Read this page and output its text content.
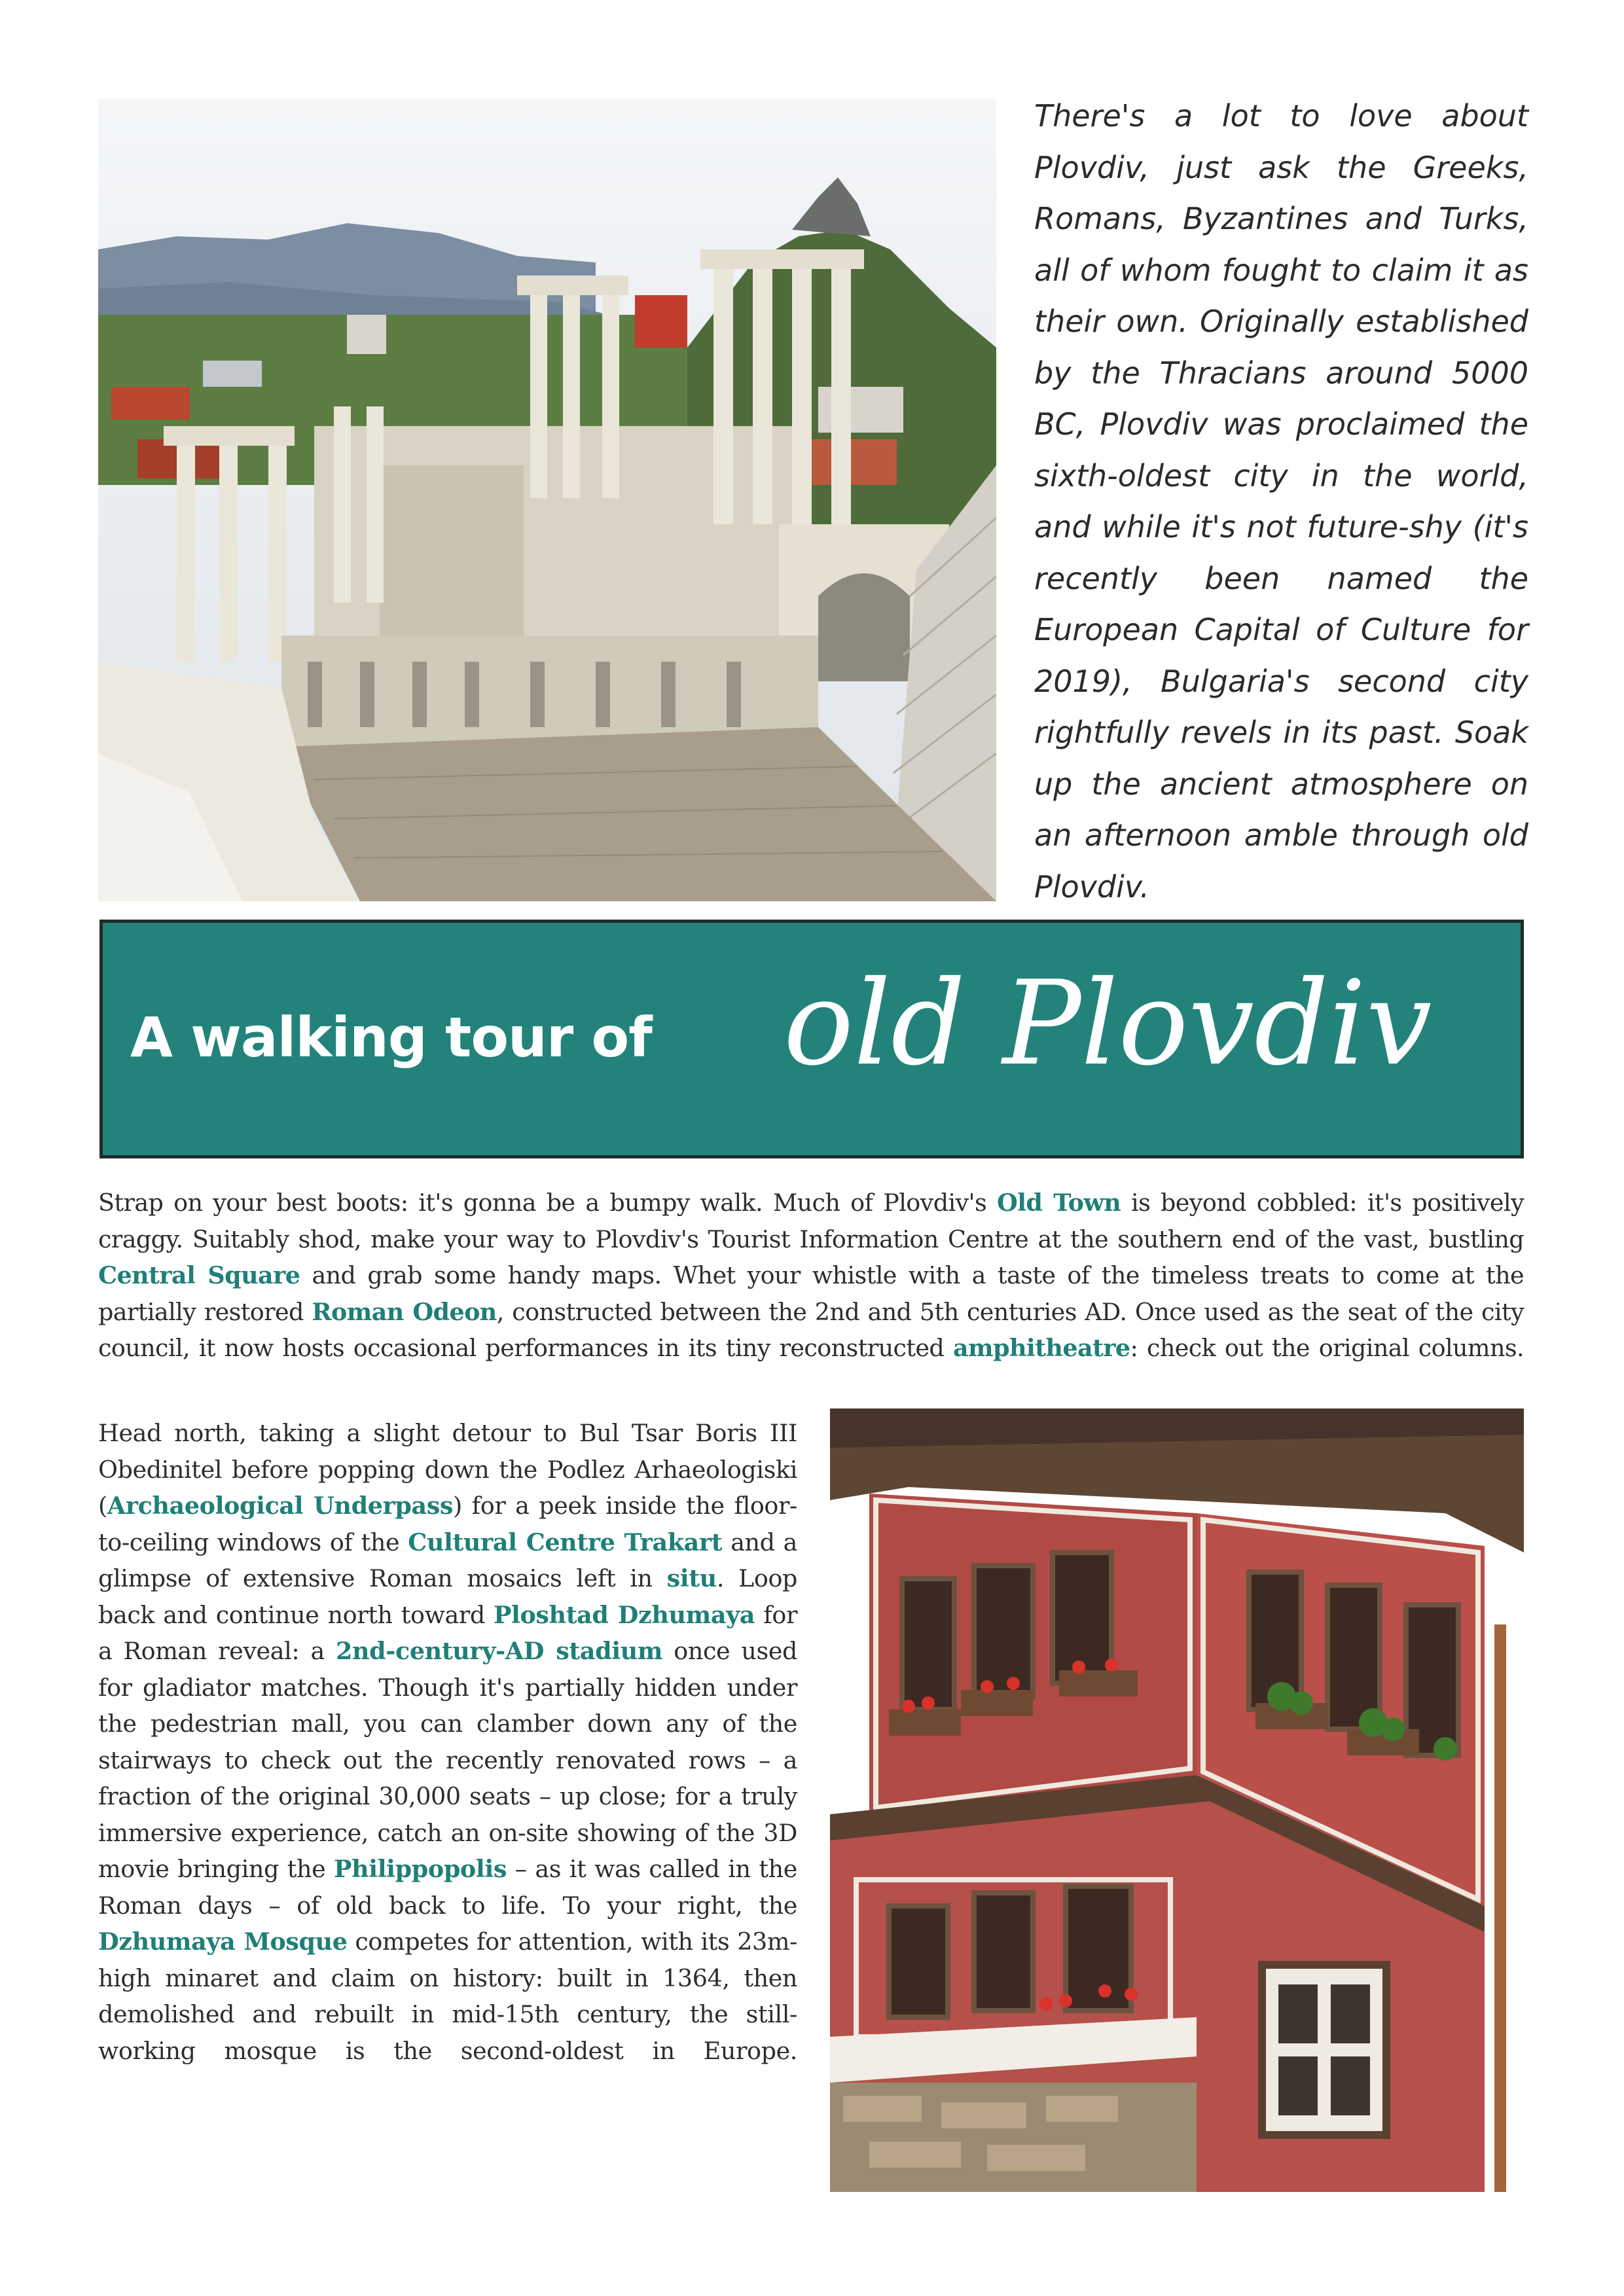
There's a lot to love about Plovdiv, just ask the Greeks, Romans, Byzantines and Turks, all of whom fought to claim it as their own. Originally established by the Thracians around 5000 BC, Plovdiv was proclaimed the sixth-oldest city in the world, and while it's not future-shy (it's recently been named the European Capital of Culture for 2019), Bulgaria's second city rightfully revels in its past. Soak up the ancient atmosphere on an afternoon amble through old Plovdiv.
A walking tour of old Plovdiv

Strap on your best boots: it's gonna be a bumpy walk. Much of Plovdiv's Old Town is beyond cobbled: it's positively craggy. Suitably shod, make your way to Plovdiv's Tourist Information Centre at the southern end of the vast, bustling Central Square and grab some handy maps. Whet your whistle with a taste of the timeless treats to come at the partially restored Roman Odeon, constructed between the 2nd and 5th centuries AD. Once used as the seat of the city council, it now hosts occasional performances in its tiny reconstructed amphitheatre: check out the original columns.

Head north, taking a slight detour to Bul Tsar Boris III Obedinitel before popping down the Podlez Arhaeologiski (Archaeological Underpass) for a peek inside the floor-to-ceiling windows of the Cultural Centre Trakart and a glimpse of extensive Roman mosaics left in situ. Loop back and continue north toward Ploshtad Dzhumaya for a Roman reveal: a 2nd-century-AD stadium once used for gladiator matches. Though it's partially hidden under the pedestrian mall, you can clamber down any of the stairways to check out the recently renovated rows – a fraction of the original 30,000 seats – up close; for a truly immersive experience, catch an on-site showing of the 3D movie bringing the Philippopolis – as it was called in the Roman days – of old back to life. To your right, the Dzhumaya Mosque competes for attention, with its 23m-high minaret and claim on history: built in 1364, then demolished and rebuilt in mid-15th century, the still-working mosque is the second-oldest in Europe.
